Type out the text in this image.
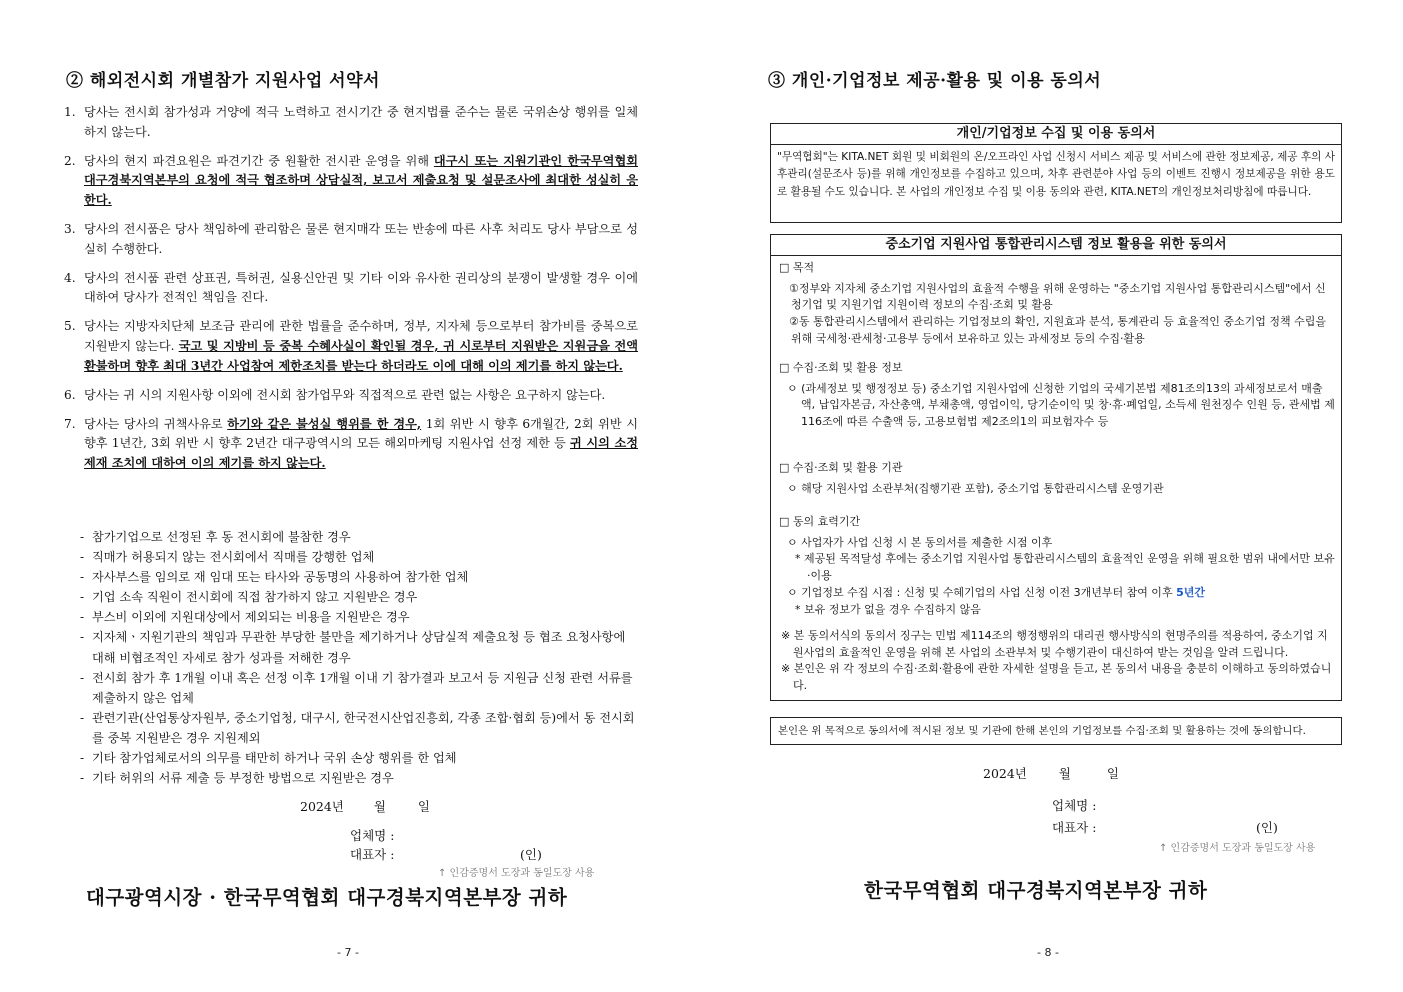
② 해외전시회 개별참가 지원사업 서약서
1. 당사는 전시회 참가성과 거양에 적극 노력하고 전시기간 중 현지법률 준수는 물론 국위손상 행위를 일체 하지 않는다.
2. 당사의 현지 파견요원은 파견기간 중 원활한 전시관 운영을 위해 대구시 또는 지원기관인 한국무역협회 대구경북지역본부의 요청에 적극 협조하며 상담실적, 보고서 제출요청 및 설문조사에 최대한 성실히 응한다.
3. 당사의 전시품은 당사 책임하에 관리함은 물론 현지매각 또는 반송에 따른 사후 처리도 당사 부담으로 성실히 수행한다.
4. 당사의 전시품 관련 상표권, 특허권, 실용신안권 및 기타 이와 유사한 권리상의 분쟁이 발생할 경우 이에 대하여 당사가 전적인 책임을 진다.
5. 당사는 지방자치단체 보조금 관리에 관한 법률을 준수하며, 정부, 지자체 등으로부터 참가비를 중복으로 지원받지 않는다. 국고 및 지방비 등 중복 수혜사실이 확인될 경우, 귀 시로부터 지원받은 지원금을 전액 환불하며 향후 최대 3년간 사업참여 제한조치를 받는다 하더라도 이에 대해 이의 제기를 하지 않는다.
6. 당사는 귀 시의 지원사항 이외에 전시회 참가업무와 직접적으로 관련 없는 사항은 요구하지 않는다.
7. 당사는 당사의 귀책사유로 하기와 같은 불성실 행위를 한 경우, 1회 위반 시 향후 6개월간, 2회 위반 시 향후 1년간, 3회 위반 시 향후 2년간 대구광역시의 모든 해외마케팅 지원사업 선정 제한 등 귀 시의 소정 제재 조치에 대하여 이의 제기를 하지 않는다.
- 참가기업으로 선정된 후 동 전시회에 불참한 경우
- 직매가 허용되지 않는 전시회에서 직매를 강행한 업체
- 자사부스를 임의로 재 임대 또는 타사와 공동명의 사용하여 참가한 업체
- 기업 소속 직원이 전시회에 직접 참가하지 않고 지원받은 경우
- 부스비 이외에 지원대상에서 제외되는 비용을 지원받은 경우
- 지자체ㆍ지원기관의 책임과 무관한 부당한 불만을 제기하거나 상담실적 제출요청 등 협조 요청사항에 대해 비협조적인 자세로 참가 성과를 저해한 경우
- 전시회 참가 후 1개월 이내 혹은 선정 이후 1개월 이내 기 참가결과 보고서 등 지원금 신청 관련 서류를 제출하지 않은 업체
- 관련기관(산업통상자원부, 중소기업청, 대구시, 한국전시산업진흥회, 각종 조합·협회 등)에서 동 전시회를 중복 지원받은 경우 지원제외
- 기타 참가업체로서의 의무를 태만히 하거나 국위 손상 행위를 한 업체
- 기타 허위의 서류 제출 등 부정한 방법으로 지원받은 경우
2024년 월	일
업체명 :
대표자 :	(인)
↑ 인감증명서 도장과 동일도장 사용
대구광역시장 · 한국무역협회 대구경북지역본부장 귀하
- 7 -
③ 개인·기업정보 제공·활용 및 이용 동의서
개인/기업정보 수집 및 이용 동의서
"무역협회"는 KITA.NET 회원 및 비회원의 온/오프라인 사업 신청시 서비스 제공 및 서비스에 관한 정보제공, 제공 후의 사후관리(설문조사 등)를 위해 개인정보를 수집하고 있으며, 차후 관련분야 사업 등의 이벤트 진행시 정보제공을 위한 용도로 활용될 수도 있습니다. 본 사업의 개인정보 수집 및 이용 동의와 관련, KITA.NET의 개인정보처리방침에 따릅니다.
중소기업 지원사업 통합관리시스템 정보 활용을 위한 동의서
□ 목적
①정부와 지자체 중소기업 지원사업의 효율적 수행을 위해 운영하는 "중소기업 지원사업 통합관리시스템"에서 신청기업 및 지원기업 지원이력 정보의 수집·조회 및 활용
②동 통합관리시스템에서 관리하는 기업정보의 확인, 지원효과 분석, 통계관리 등 효율적인 중소기업 정책 수립을 위해 국세청·관세청·고용부 등에서 보유하고 있는 과세정보 등의 수집·활용
□ 수집·조회 및 활용 정보
ㅇ (과세정보 및 행정정보 등) 중소기업 지원사업에 신청한 기업의 국세기본법 제81조의13의 과세정보로서 매출액, 납입자본금, 자산총액, 부채총액, 영업이익, 당기순이익 및 창·휴·폐업일, 소득세 원천징수 인원 등, 관세법 제116조에 따른 수출액 등, 고용보험법 제2조의1의 피보험자수 등
□ 수집·조회 및 활용 기관
ㅇ 해당 지원사업 소관부처(집행기관 포함), 중소기업 통합관리시스템 운영기관
□ 동의 효력기간
ㅇ 사업자가 사업 신청 시 본 동의서를 제출한 시점 이후
* 제공된 목적달성 후에는 중소기업 지원사업 통합관리시스템의 효율적인 운영을 위해 필요한 범위 내에서만 보유·이용
ㅇ 기업정보 수집 시점 : 신청 및 수혜기업의 사업 신청 이전 3개년부터 참여 이후 5년간
* 보유 정보가 없을 경우 수집하지 않음
※ 본 동의서식의 동의서 징구는 민법 제114조의 행정행위의 대리권 행사방식의 현명주의를 적용하여, 중소기업 지원사업의 효율적인 운영을 위해 본 사업의 소관부처 및 수행기관이 대신하여 받는 것임을 알려 드립니다.
※ 본인은 위 각 정보의 수집·조회·활용에 관한 자세한 설명을 듣고, 본 동의서 내용을 충분히 이해하고 동의하였습니다.
본인은 위 목적으로 동의서에 적시된 정보 및 기관에 한해 본인의 기업정보를 수집·조회 및 활용하는 것에 동의합니다.
2024년	월	일
업체명 :
대표자 :	(인)
↑ 인감증명서 도장과 동일도장 사용
한국무역협회 대구경북지역본부장 귀하
- 8 -
